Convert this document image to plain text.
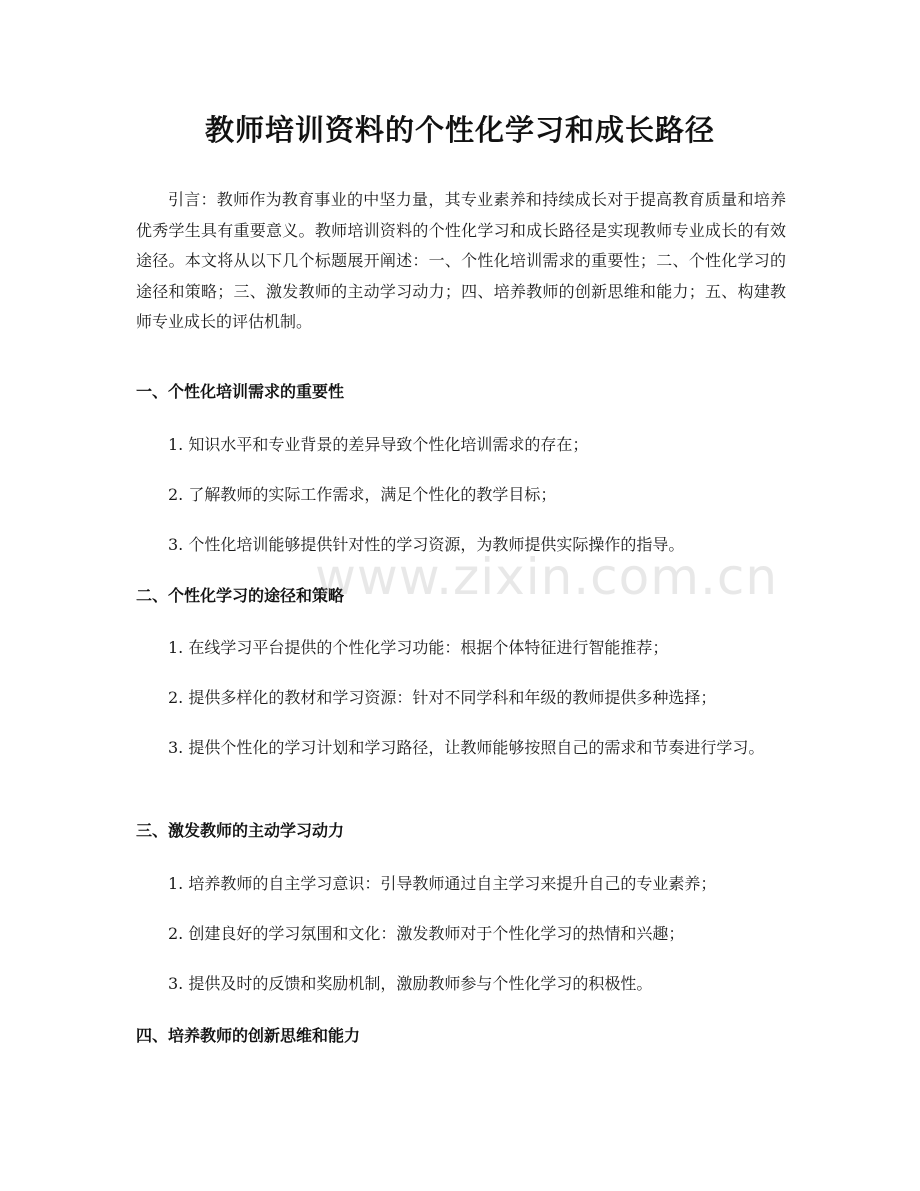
教师培训资料的个性化学习和成长路径

引言：教师作为教育事业的中坚力量，其专业素养和持续成长对于提高教育质量和培养优秀学生具有重要意义。教师培训资料的个性化学习和成长路径是实现教师专业成长的有效途径。本文将从以下几个标题展开阐述：一、个性化培训需求的重要性；二、个性化学习的途径和策略；三、激发教师的主动学习动力；四、培养教师的创新思维和能力；五、构建教师专业成长的评估机制。

一、个性化培训需求的重要性

1. 知识水平和专业背景的差异导致个性化培训需求的存在；

2. 了解教师的实际工作需求，满足个性化的教学目标；

3. 个性化培训能够提供针对性的学习资源，为教师提供实际操作的指导。

二、个性化学习的途径和策略

1. 在线学习平台提供的个性化学习功能：根据个体特征进行智能推荐；

2. 提供多样化的教材和学习资源：针对不同学科和年级的教师提供多种选择；

3. 提供个性化的学习计划和学习路径，让教师能够按照自己的需求和节奏进行学习。

三、激发教师的主动学习动力

1. 培养教师的自主学习意识：引导教师通过自主学习来提升自己的专业素养；

2. 创建良好的学习氛围和文化：激发教师对于个性化学习的热情和兴趣；

3. 提供及时的反馈和奖励机制，激励教师参与个性化学习的积极性。

四、培养教师的创新思维和能力
www.zixin.com.cn
